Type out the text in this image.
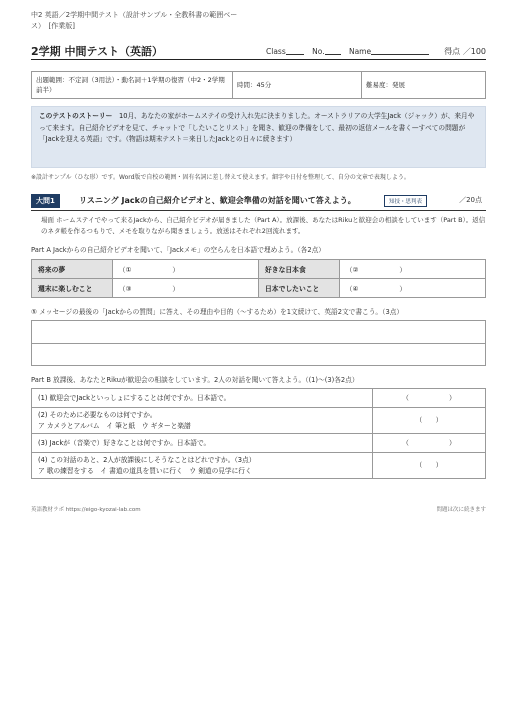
中2 英語／2学期中間テスト（設計サンプル・全教科書の範囲ベー
ス）　 [作業版]
2学期 中間テスト（英語）	Class	No.	Name	得点 ／100
出題範囲：不定詞（3用法）・動名詞＋1学期の復習（中2・2学期前半）	時間：45分	難易度：発展
このテストのストーリー　 10月、あなたの家がホームステイの受け入れ先に決まりました。オーストラリアの大学生Jack（ジャック）が、来月やって来ます。自己紹介ビデオを見て、チャットで「したいことリスト」を聞き、歓迎の準備をして、最初の返信メールを書く—すべての問題が「Jackを迎える英語」です。（物語は期末テスト＝来日したJackとの日々に続きます）
※設計サンプル（ひな形）です。Word版で自校の範囲・固有名詞に差し替えて使えます。細字や日付を整理して、自分の文章で表現しよう。
大問1	リスニング Jackの自己紹介ビデオと、歓迎会準備の対話を聞いて答えよう。	知技・思判表	／20点
場面 ホームステイでやって来るJackから、自己紹介ビデオが届きました（Part A）。放課後、あなたはRikuと歓迎会の相談をしています（Part B）。返信のネタ帳を作るつもりで、メモを取りながら聞きましょう。放送はそれぞれ2回流れます。
Part A Jackからの自己紹介ビデオを聞いて、「Jackメモ」の空らんを日本語で埋めよう。（各2点）
将来の夢	（①　　　　　　）	好きな日本食	（②　　　　　　）
週末に楽しむこと	（③　　　　　　）	日本でしたいこと	（④　　　　　　）
⑤ メッセージの最後の「Jackからの質問」に答え、その理由や目的（〜するため）を1文続けて、英語2文で書こう。（3点）
Part B 放課後、あなたとRikuが歓迎会の相談をしています。2人の対話を聞いて答えよう。（(1)〜(3)各2点）
(1) 歓迎会でJackといっしょにすることは何ですか。日本語で。	（　　　　　　）

(2) そのために必要なものは何ですか。
ア カメラとアルバム　イ 筆と紙　ウ ギターと楽譜	（　　）
(3) Jackが（音楽で）好きなことは何ですか。日本語で。	（　　　　　　）

(4) この対話のあと、2人が放課後にしそうなことはどれですか。（3点）
ア 歌の練習をする　イ 書道の道具を買いに行く　ウ 剣道の見学に行く	（　　）
英語教材ラボ https://eigo-kyozai-lab.com	問題は次に続きます
